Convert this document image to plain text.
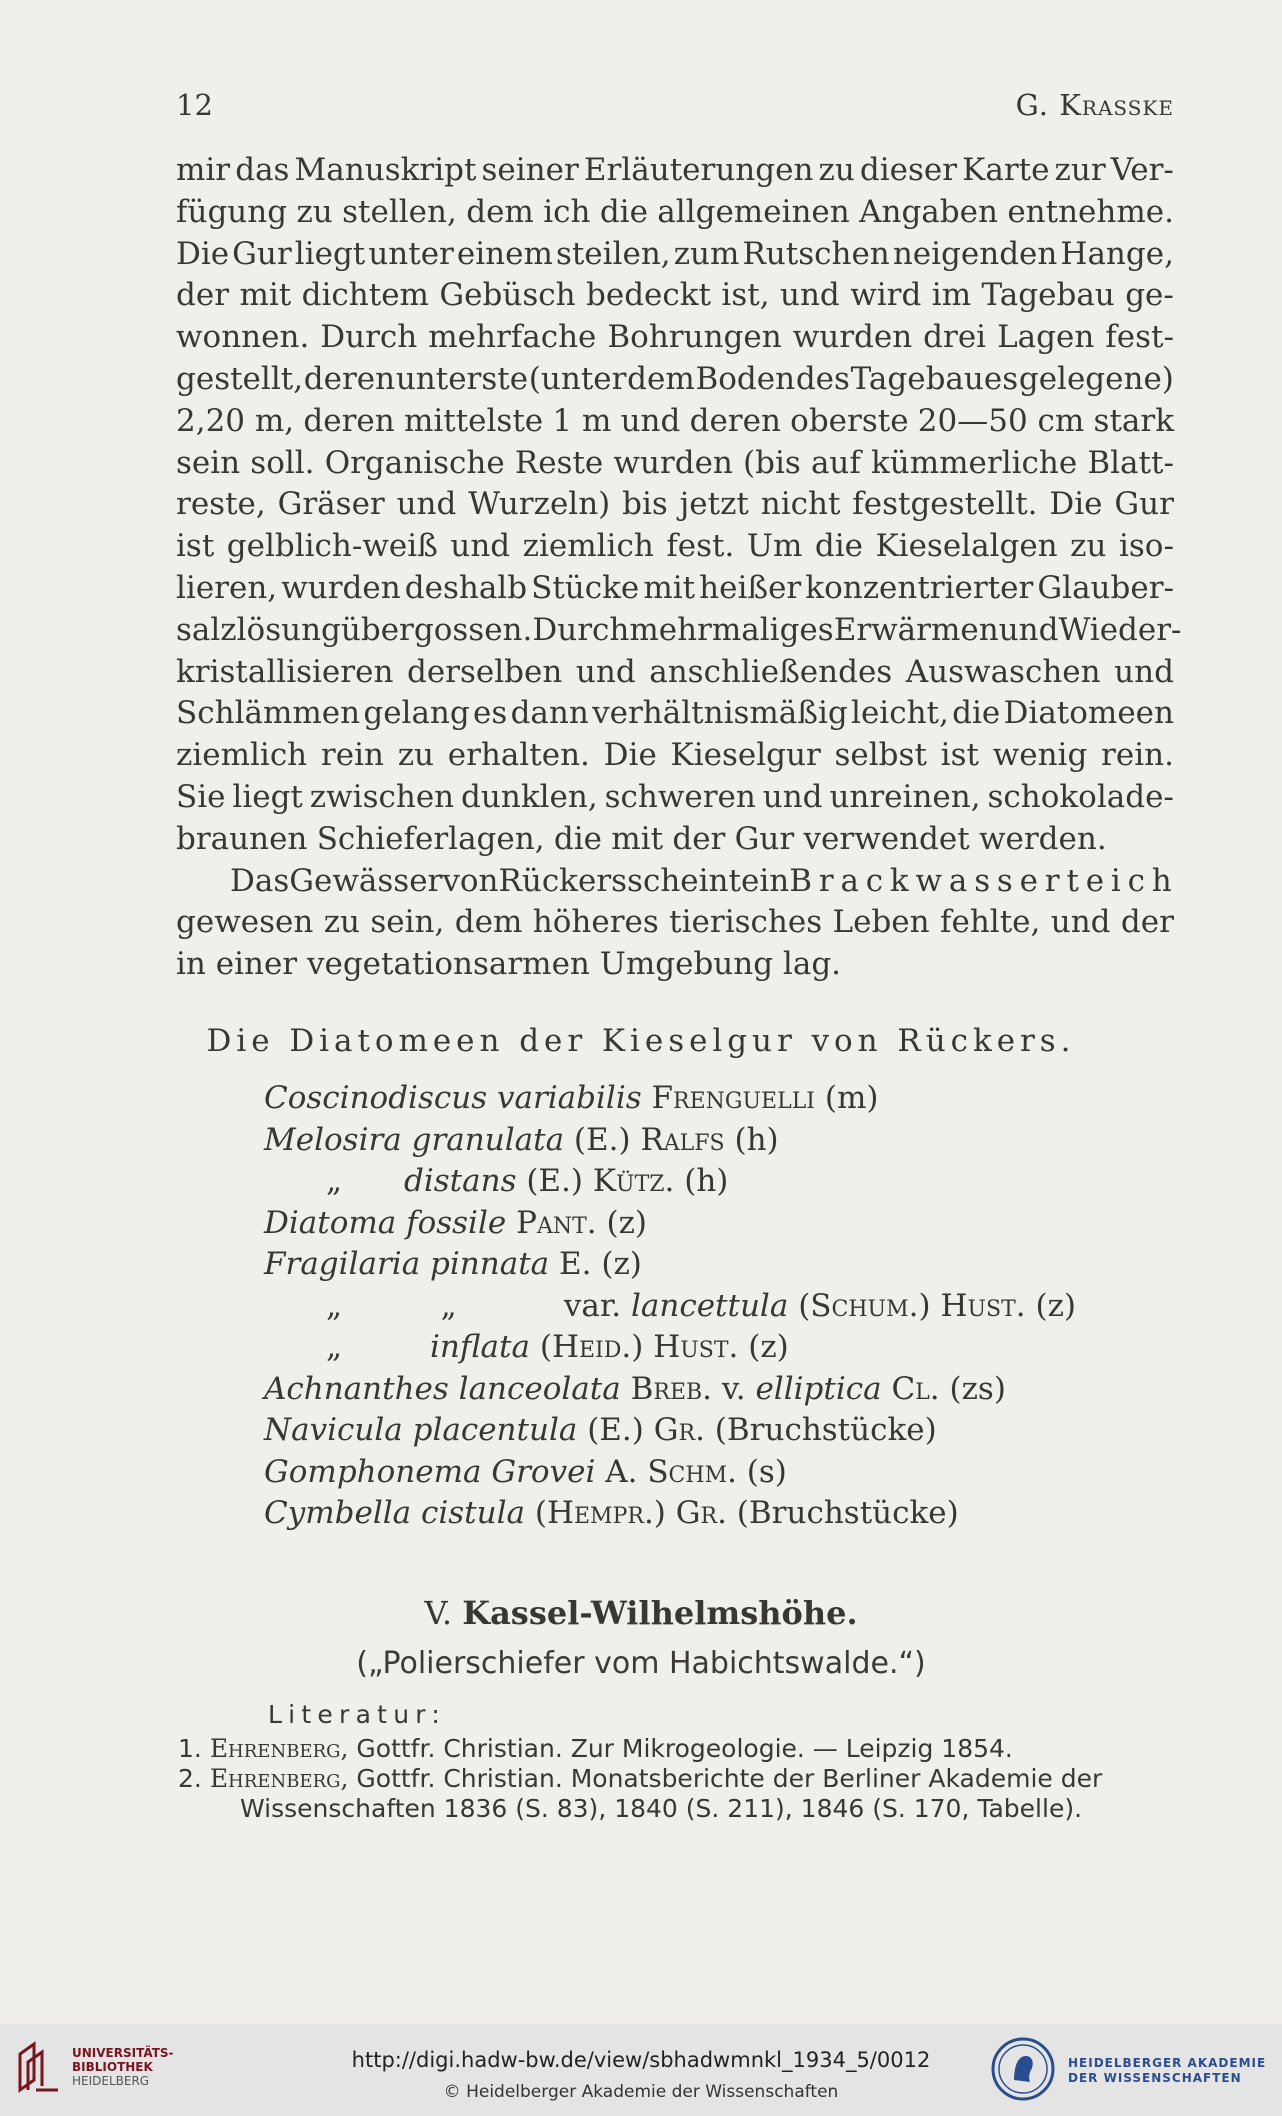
12	G. Krasske
mir das Manuskript seiner Erläuterungen zu dieser Karte zur Ver-
fügung zu stellen, dem ich die allgemeinen Angaben entnehme.
Die Gur liegt unter einem steilen, zum Rutschen neigenden Hange,
der mit dichtem Gebüsch bedeckt ist, und wird im Tagebau ge-
wonnen. Durch mehrfache Bohrungen wurden drei Lagen fest-
gestellt, deren unterste (unter dem Boden des Tagebaues gelegene)
2,20 m, deren mittelste 1 m und deren oberste 20—50 cm stark
sein soll. Organische Reste wurden (bis auf kümmerliche Blatt-
reste, Gräser und Wurzeln) bis jetzt nicht festgestellt. Die Gur
ist gelblich-weiß und ziemlich fest. Um die Kieselalgen zu iso-
lieren, wurden deshalb Stücke mit heißer konzentrierter Glauber-
salzlösung übergossen. Durch mehrmaliges Erwärmen und Wieder-
kristallisieren derselben und anschließendes Auswaschen und
Schlämmen gelang es dann verhältnismäßig leicht, die Diatomeen
ziemlich rein zu erhalten. Die Kieselgur selbst ist wenig rein.
Sie liegt zwischen dunklen, schweren und unreinen, schokolade-
braunen Schieferlagen, die mit der Gur verwendet werden.
Das Gewässer von Rückers scheint ein Brackwasserteich
gewesen zu sein, dem höheres tierisches Leben fehlte, und der
in einer vegetationsarmen Umgebung lag.
Die Diatomeen der Kieselgur von Rückers.
Coscinodiscus variabilis Frenguelli (m)
Melosira granulata (E.) Ralfs (h)
„ distans (E.) Kütz. (h)
Diatoma fossile Pant. (z)
Fragilaria pinnata E. (z)
„          „	var. lancettula (Schum.) Hust. (z)
„	inflata (Heid.) Hust. (z)
Achnanthes lanceolata Breb. v. elliptica Cl. (zs)
Navicula placentula (E.) Gr. (Bruchstücke)
Gomphonema Grovei A. Schm. (s)
Cymbella cistula (Hempr.) Gr. (Bruchstücke)
V. Kassel-Wilhelmshöhe.
(„Polierschiefer vom Habichtswalde.“)
Literatur:
1. Ehrenberg, Gottfr. Christian. Zur Mikrogeologie. — Leipzig 1854.
2. Ehrenberg, Gottfr. Christian. Monatsberichte der Berliner Akademie der
Wissenschaften 1836 (S. 83), 1840 (S. 211), 1846 (S. 170, Tabelle).
UNIVERSITÄTS-
BIBLIOTHEK
HEIDELBERG
http://digi.hadw-bw.de/view/sbhadwmnkl_1934_5/0012
© Heidelberger Akademie der Wissenschaften
HEIDELBERGER AKADEMIE
DER WISSENSCHAFTEN
